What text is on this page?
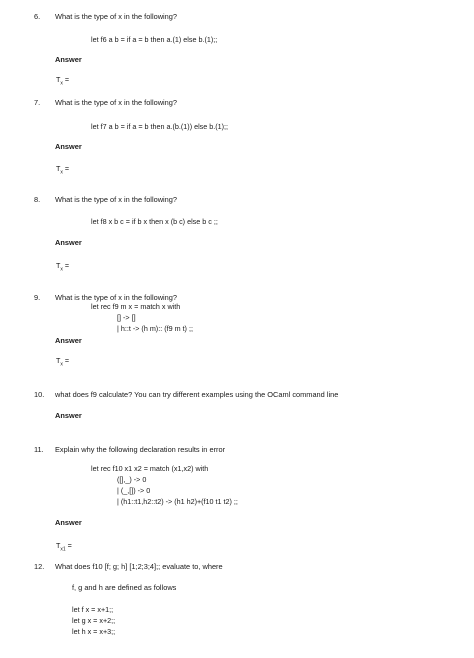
6. What is the type of x in the following?
let f6 a b = if a = b then a.(1) else b.(1);;
Answer
$T_x$ =
7. What is the type of x in the following?
let f7 a b = if a = b then a.(b.(1)) else b.(1);;
Answer
$T_x$ =
8. What is the type of x in the following?
let f8 x b c = if b x then x (b c) else b c ;;
Answer
$T_x$ =
9. What is the type of x in the following?
let rec f9 m x = match x with
[] -> []
| h::t -> (h m):: (f9 m t) ;;
Answer
$T_x$ =
10. what does f9 calculate? You can try different examples using the OCaml command line
Answer
11. Explain why the following declaration results in error
let rec f10 x1 x2 = match (x1,x2) with
([],_) -> 0
| (_,[]) -> 0
| (h1::t1,h2::t2) -> (h1 h2)+(f10 t1 t2) ;;
Answer
$T_{x1}$ =
12. What does f10 [f; g; h] [1;2;3;4];; evaluate to, where
f, g and h are defined as follows
let f x = x+1;;
let g x = x+2;;
let h x = x+3;;
